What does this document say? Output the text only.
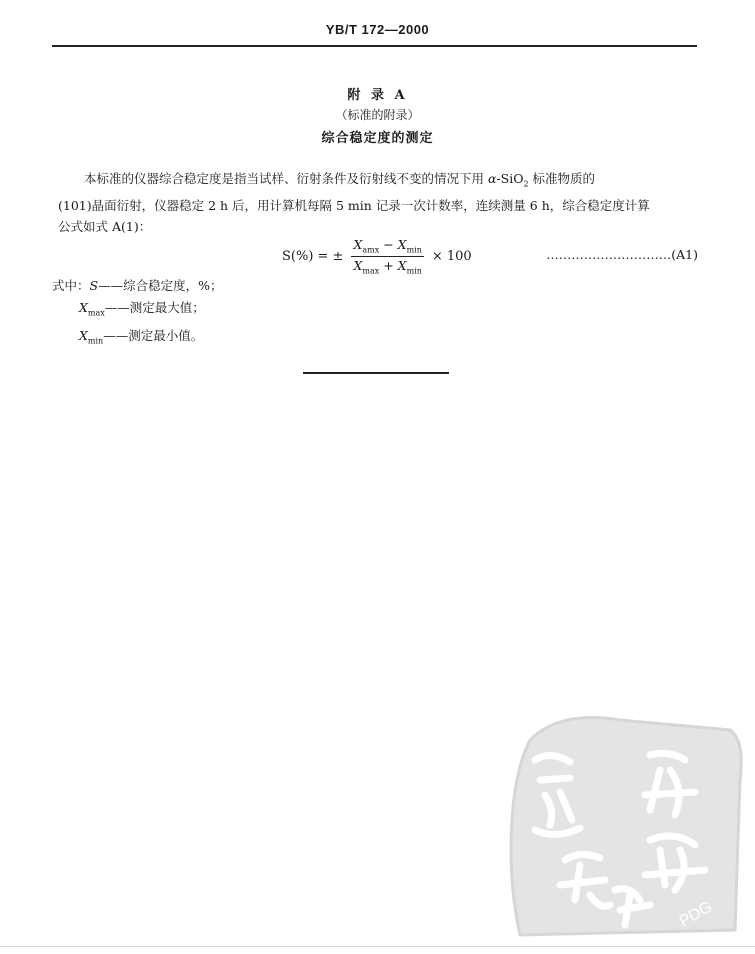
YB/T 172—2000
附 录 A
（标准的附录）
综合稳定度的测定

本标准的仪器综合稳定度是指当试样、衍射条件及衍射线不变的情况下用 α-SiO$_2$ 标准物质的

(101)晶面衍射，仪器稳定 2 h 后，用计算机每隔 5 min 记录一次计数率，连续测量 6 h，综合稳定度计算

公式如式 A(1)：

S(%) = ± $\frac{X_{amx} - X_{min}}{X_{max} + X_{min}} \times 100$	…………………………(A1)
式中：S——综合稳定度，%；
$X_{max}——$测定最大值；
$X_{min}——$测定最小值。
PDG
